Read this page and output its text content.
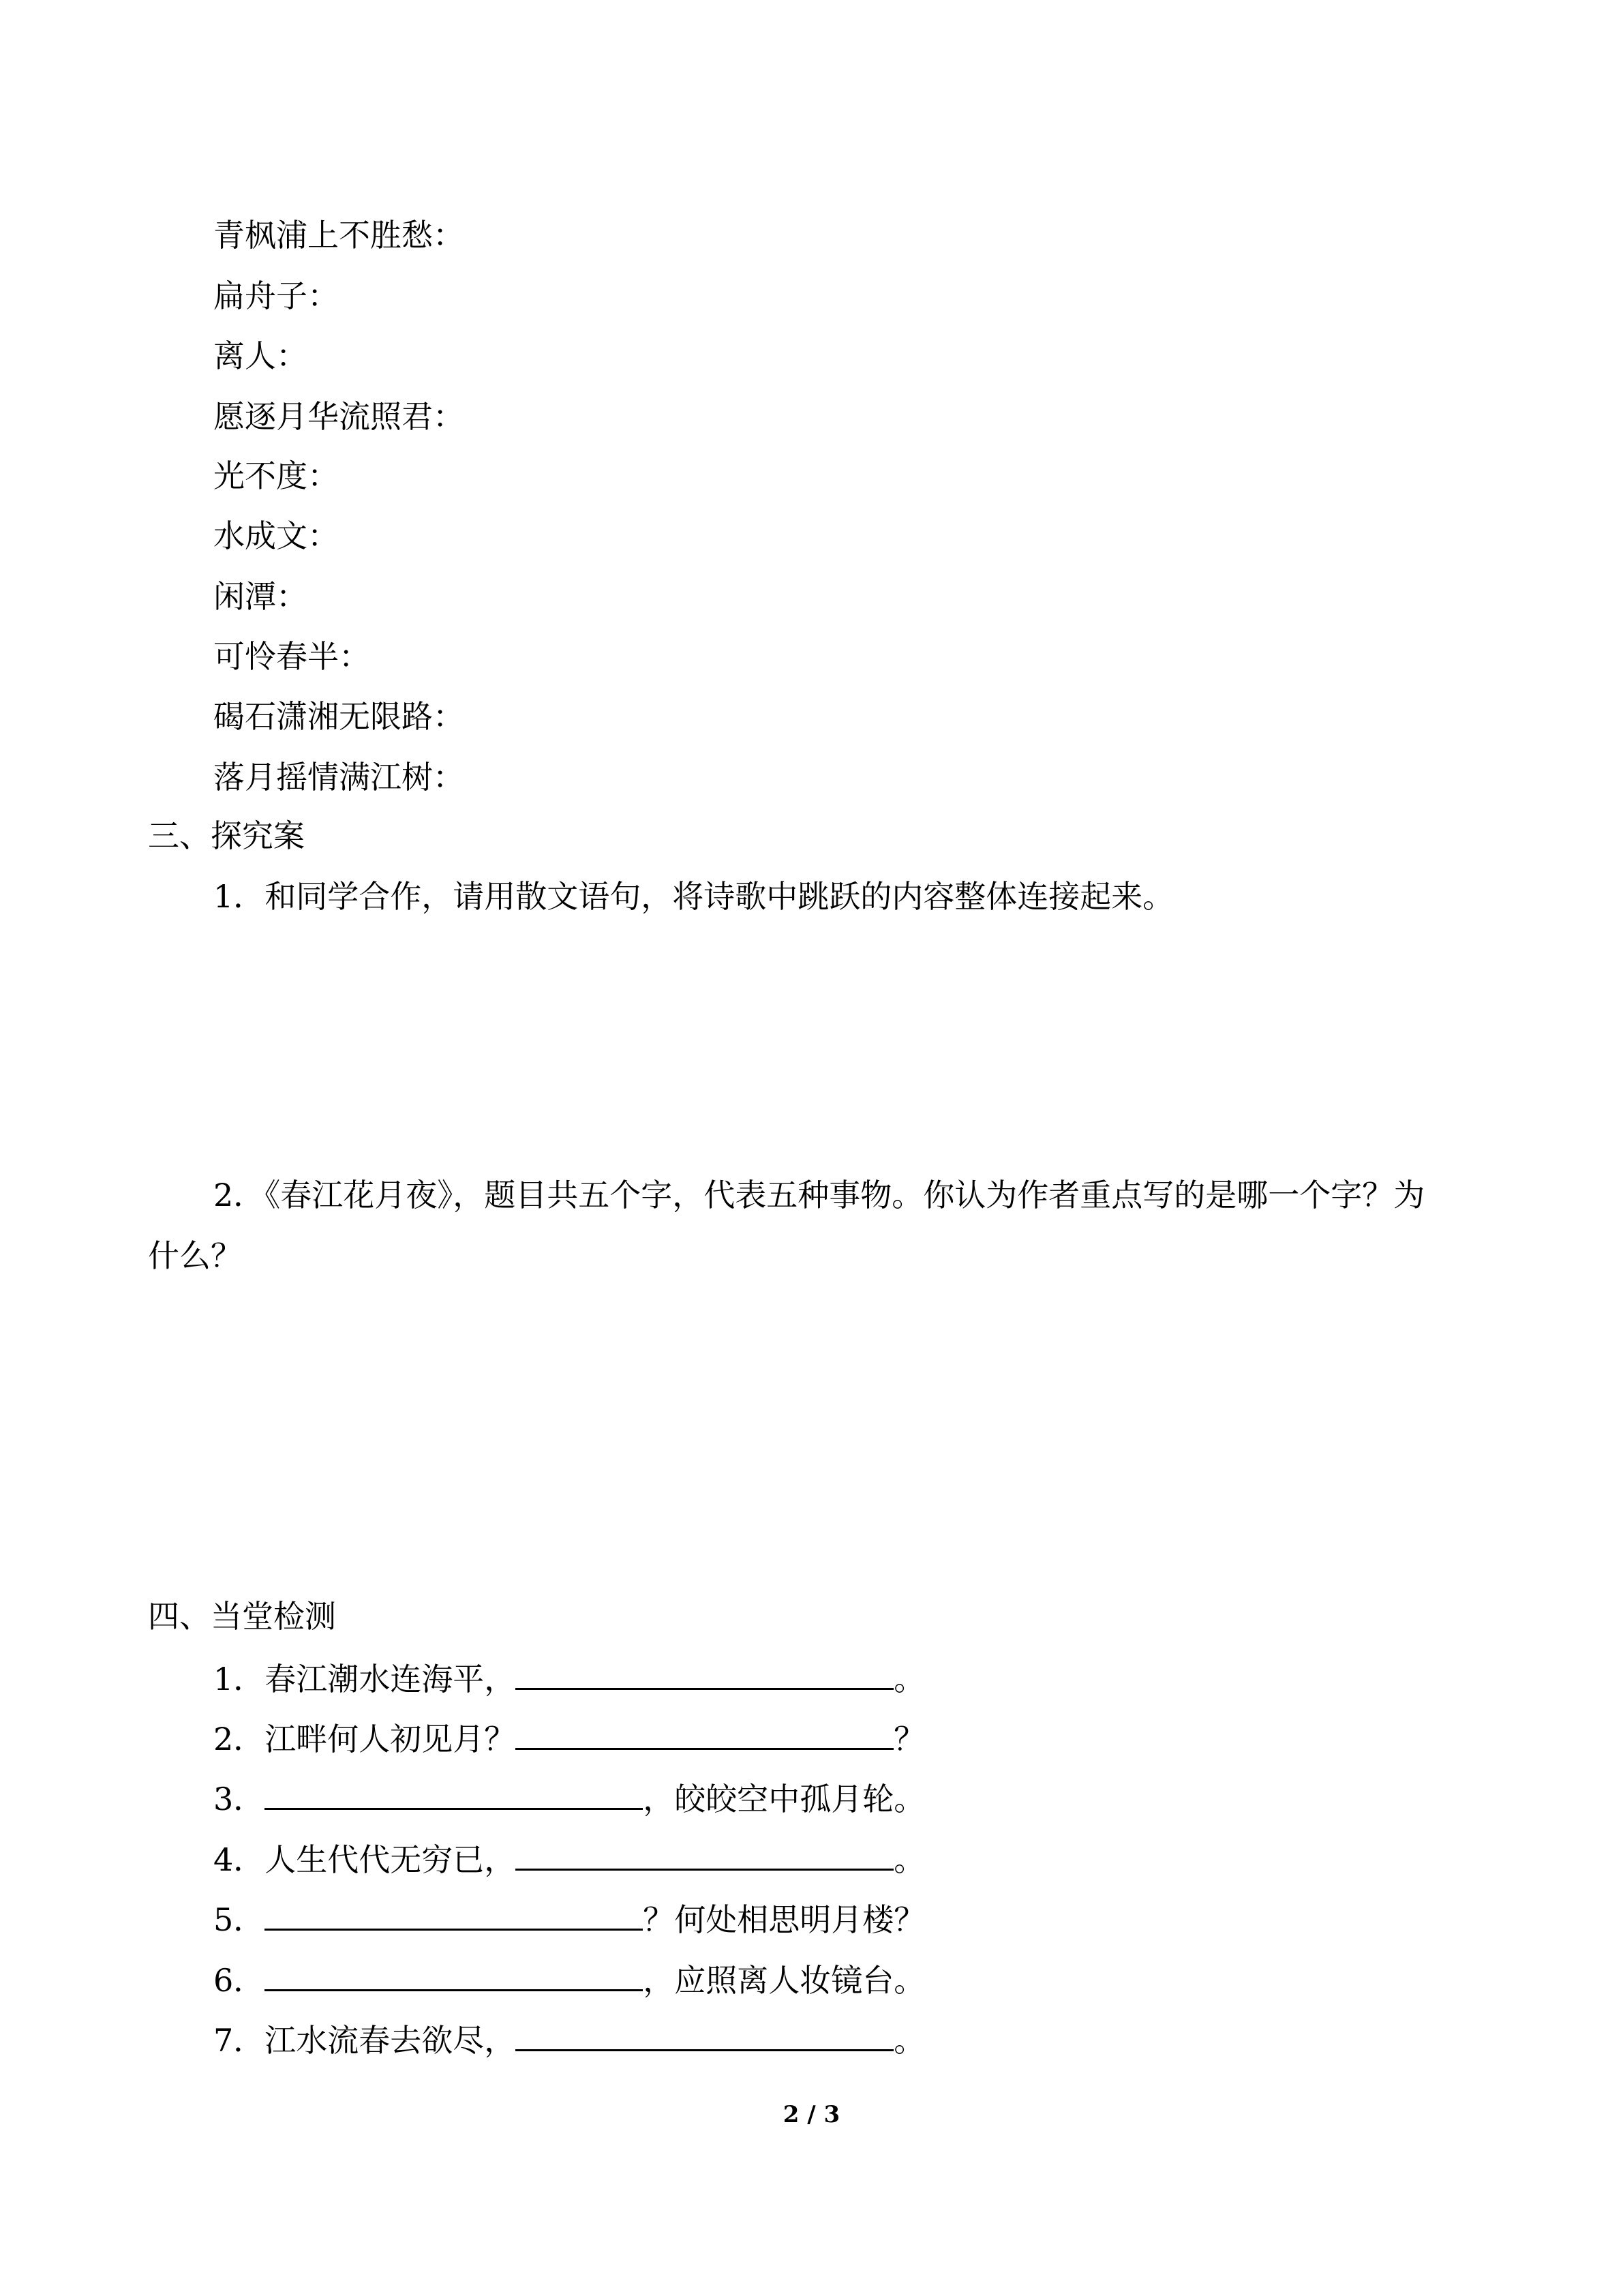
青枫浦上不胜愁：
扁舟子：
离人：
愿逐月华流照君：
光不度：
水成文：
闲潭：
可怜春半：
碣石潇湘无限路：
落月摇情满江树：
三、探究案
1．和同学合作，请用散文语句，将诗歌中跳跃的内容整体连接起来。
2．《春江花月夜》，题目共五个字，代表五种事物。你认为作者重点写的是哪一个字？为
什么？
四、当堂检测
1．春江潮水连海平，	。
2．江畔何人初见月？	？
3．	，皎皎空中孤月轮。
4．人生代代无穷已，	。
5．	？何处相思明月楼？
6．	，应照离人妆镜台。
7．江水流春去欲尽，	。
2 / 3
